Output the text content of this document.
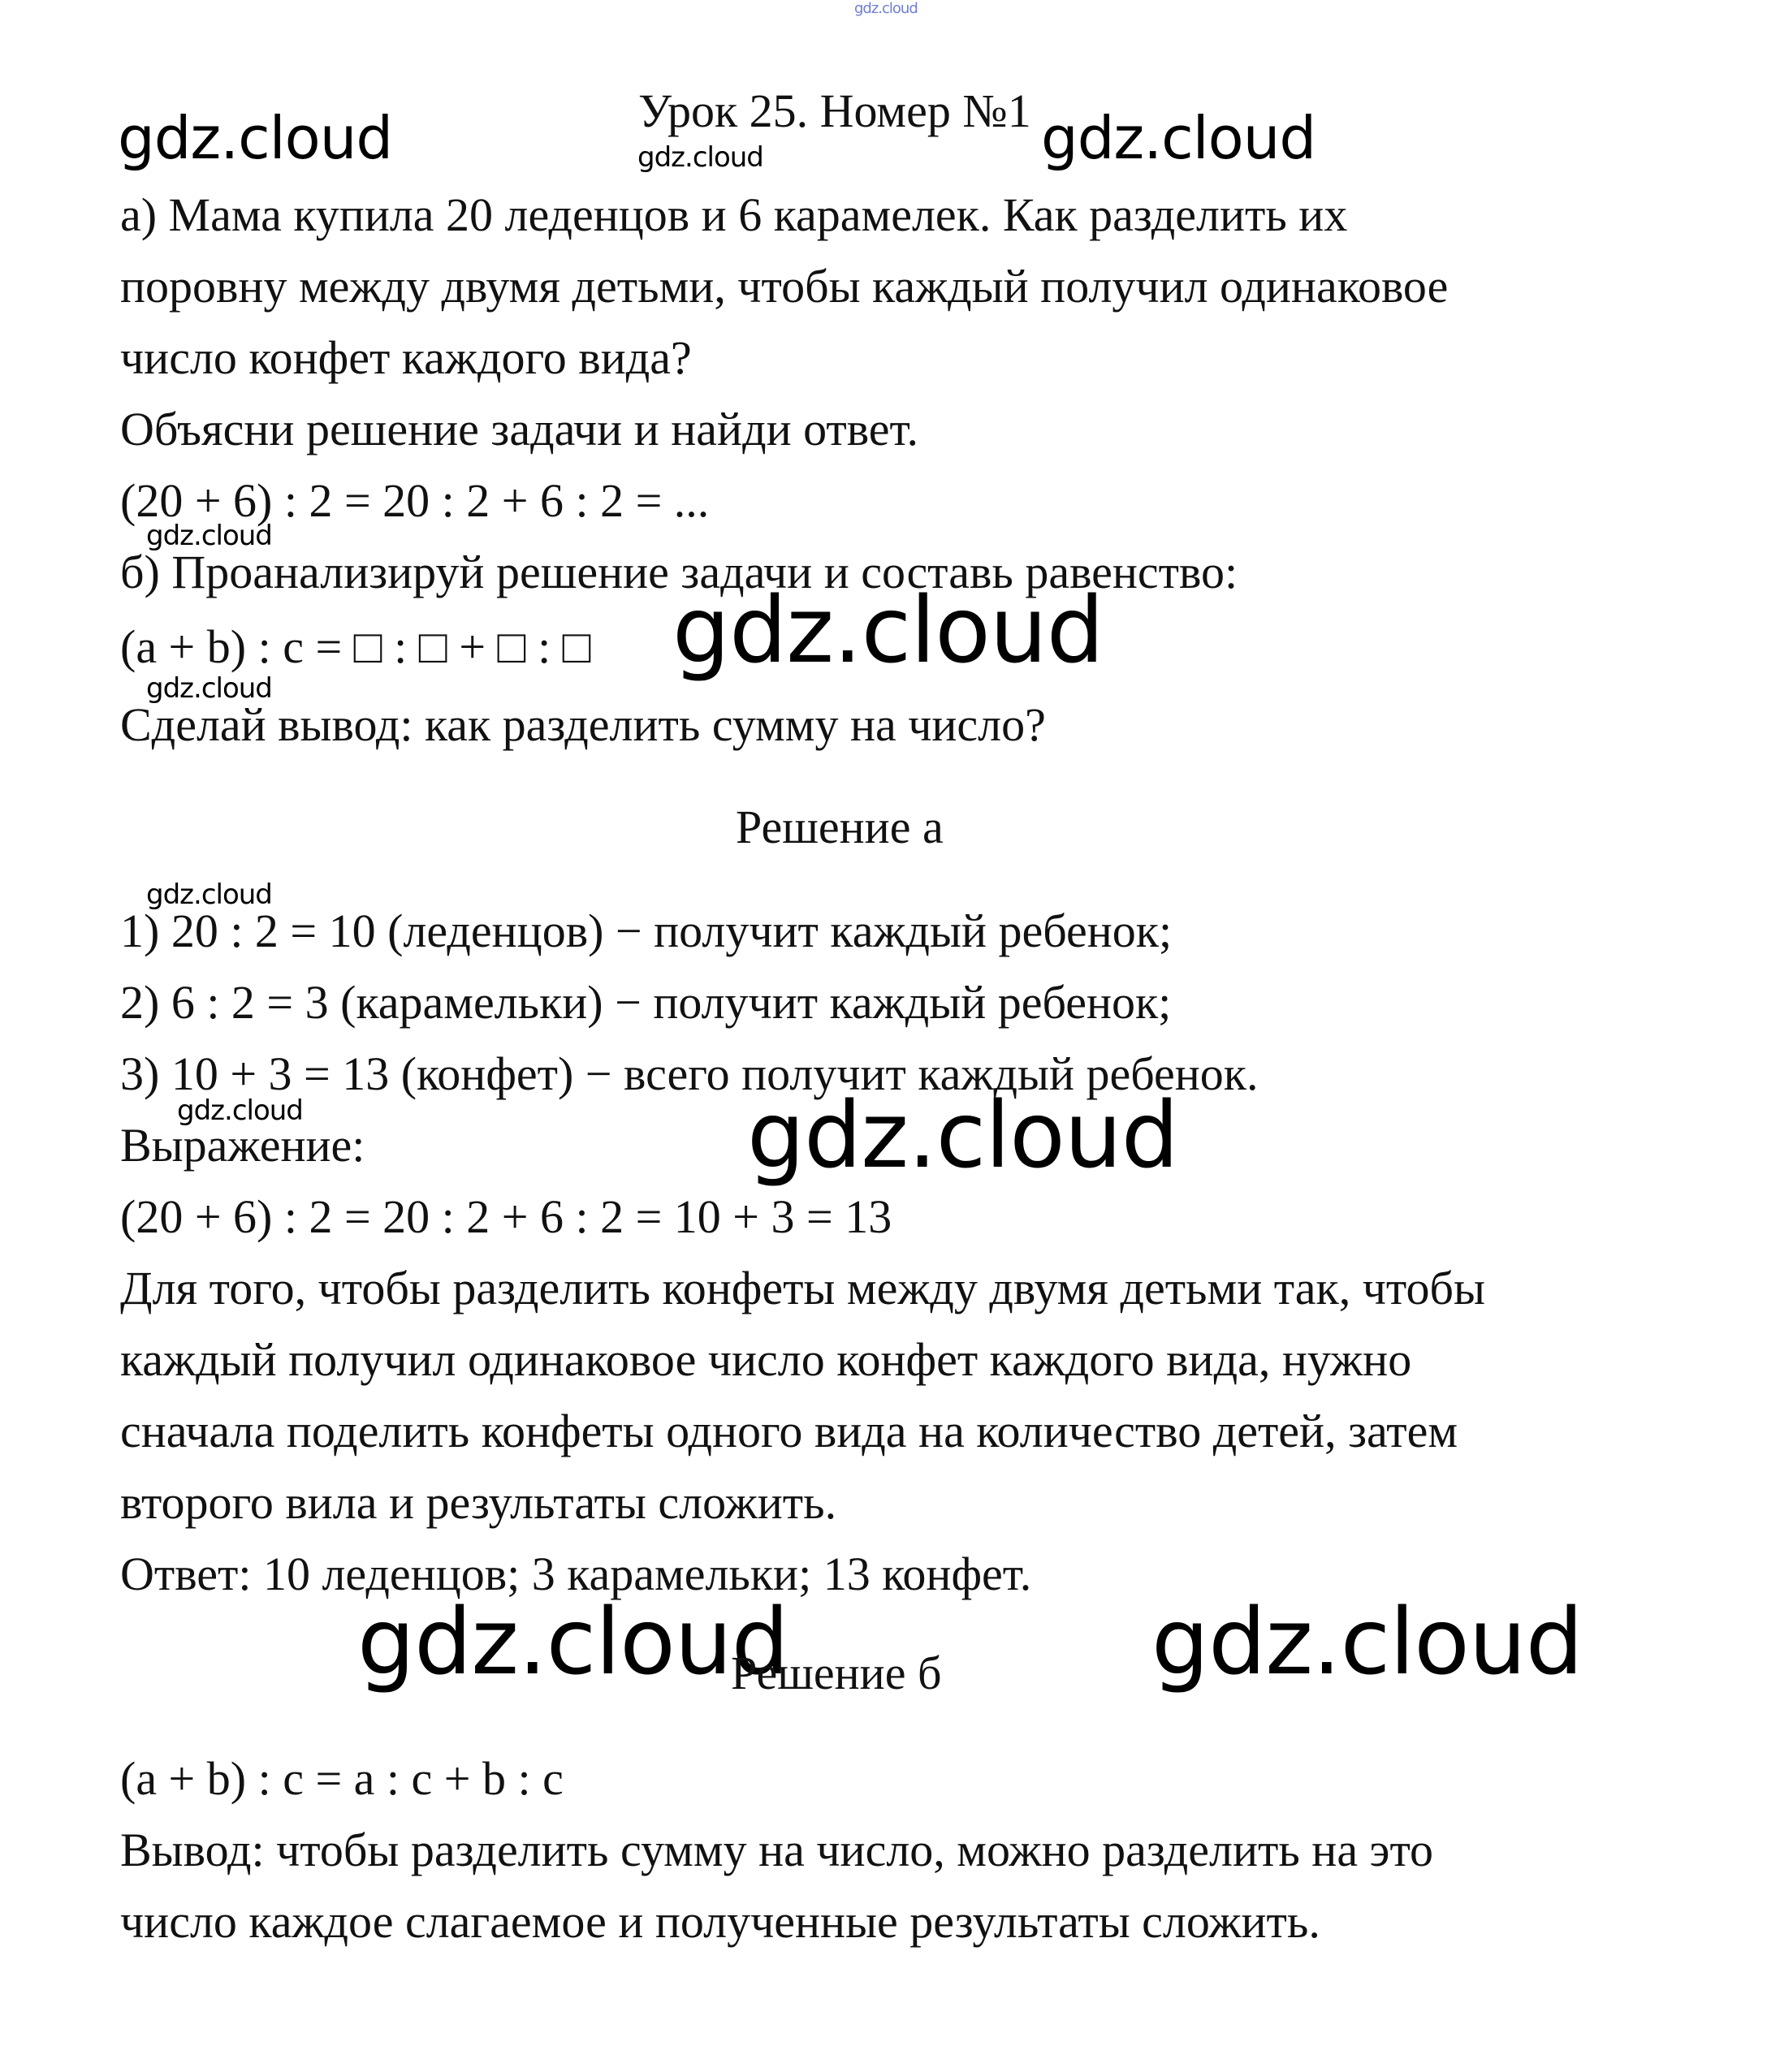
gdz.cloud
gdz.cloud	gdz.cloud
gdz.cloud
gdz.cloud
gdz.cloud
gdz.cloud
gdz.cloud
gdz.cloud	gdz.cloud
gdz.cloud	gdz.cloud
Урок 25. Номер №1
а) Мама купила 20 леденцов и 6 карамелек. Как разделить их
поровну между двумя детьми, чтобы каждый получил одинаковое
число конфет каждого вида?
Объясни решение задачи и найди ответ.
(20 + 6) : 2 = 20 : 2 + 6 : 2 = ...
б) Проанализируй решение задачи и составь равенство:
(a + b) : c = □ : □ + □ : □
Сделай вывод: как разделить сумму на число?
Решение а
1) 20 : 2 = 10 (леденцов) − получит каждый ребенок;
2) 6 : 2 = 3 (карамельки) − получит каждый ребенок;
3) 10 + 3 = 13 (конфет) − всего получит каждый ребенок.
Выражение:
(20 + 6) : 2 = 20 : 2 + 6 : 2 = 10 + 3 = 13
Для того, чтобы разделить конфеты между двумя детьми так, чтобы
каждый получил одинаковое число конфет каждого вида, нужно
сначала поделить конфеты одного вида на количество детей, затем
второго вила и результаты сложить.
Ответ: 10 леденцов; 3 карамельки; 13 конфет.
Решение б
(a + b) : c = a : c + b : c
Вывод: чтобы разделить сумму на число, можно разделить на это
число каждое слагаемое и полученные результаты сложить.
